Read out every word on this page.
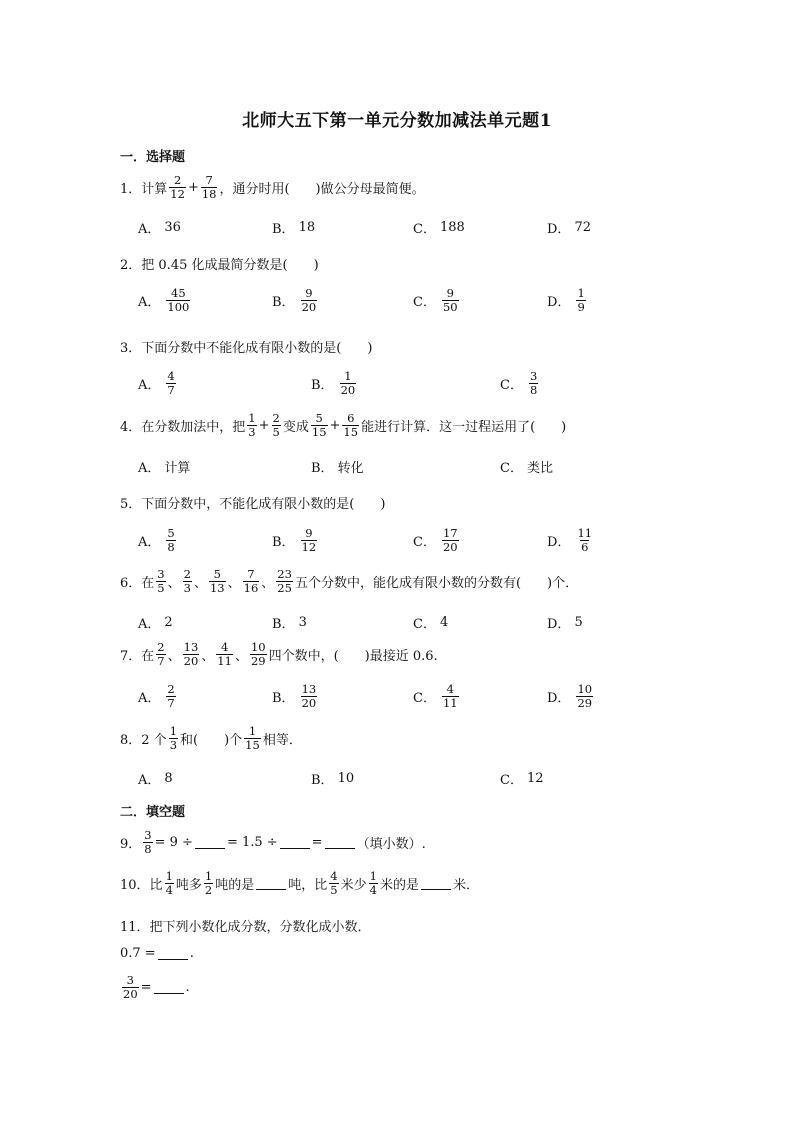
北师大五下第一单元分数加减法单元题1
一．选择题
1． 计算 $\frac{2}{12} + \frac{7}{18}$ ，通分时用(　　)做公分母最简便。
A． 36	B． 18	C． 188	D． 72
2． 把 0.45 化成最简分数是(　　)
A． $\frac{45}{100}$	B． $\frac{9}{20}$	C． $\frac{9}{50}$	D． $\frac{1}{9}$
3． 下面分数中不能化成有限小数的是(　　)
A． $\frac{4}{7}$	B． $\frac{1}{20}$	C． $\frac{3}{8}$
4． 在分数加法中，把 $\frac{1}{3} + \frac{2}{5}$ 变成 $\frac{5}{15} + \frac{6}{15}$ 能进行计算．这一过程运用了(　　)
A． 计算	B． 转化	C． 类比
5． 下面分数中，不能化成有限小数的是(　　)
A． $\frac{5}{8}$	B． $\frac{9}{12}$	C． $\frac{17}{20}$	D． $\frac{11}{6}$
6． 在 $\frac{3}{5}$ 、 $\frac{2}{3}$ 、 $\frac{5}{13}$ 、 $\frac{7}{16}$ 、 $\frac{23}{25}$ 五个分数中，能化成有限小数的分数有(　　)个．
A． 2	B． 3	C． 4	D． 5
7． 在 $\frac{2}{7}$ 、 $\frac{13}{20}$ 、 $\frac{4}{11}$ 、 $\frac{10}{29}$ 四个数中，(　　)最接近 0.6.
A． $\frac{2}{7}$	B． $\frac{13}{20}$	C． $\frac{4}{11}$	D． $\frac{10}{29}$
8． 2 个 $\frac{1}{3}$ 和(　　)个 $\frac{1}{15}$ 相等．
A． 8	B． 10	C． 12
二．填空题
9． $\frac{3}{8} = 9$ ÷	= 1.5 ÷	=	（填小数）.
10． 比 $\frac{1}{4}$ 吨多 $\frac{1}{2}$ 吨的是	吨，比 $\frac{4}{5}$ 米少 $\frac{1}{4}$ 米的是	米．
11． 把下列小数化成分数，分数化成小数．
0.7 =	.
$\frac{3}{20}$ =	.
